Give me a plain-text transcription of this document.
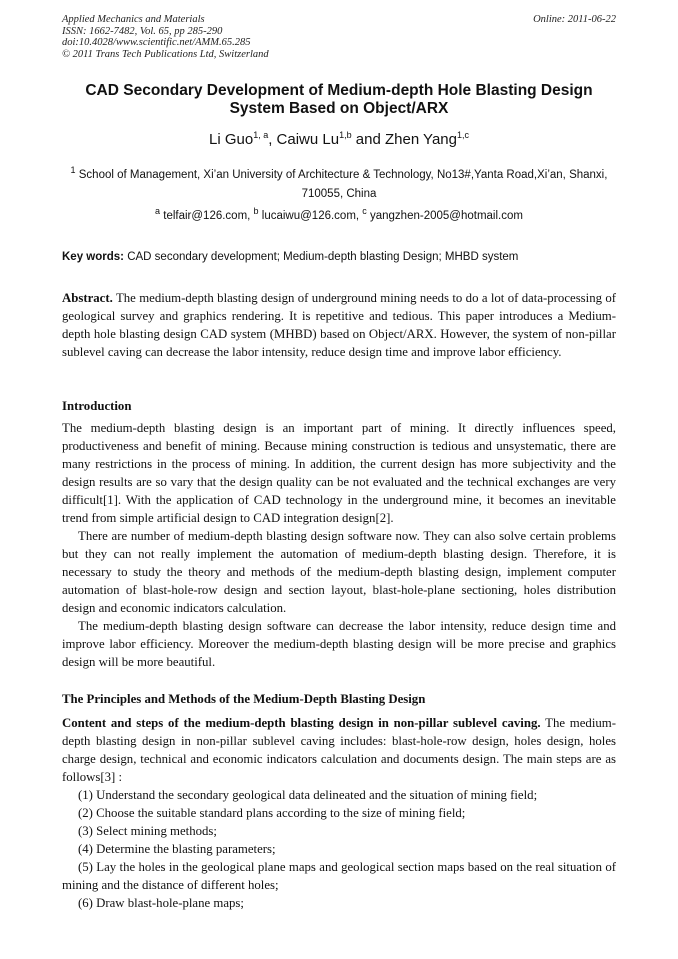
Applied Mechanics and Materials
ISSN: 1662-7482, Vol. 65, pp 285-290
doi:10.4028/www.scientific.net/AMM.65.285
© 2011 Trans Tech Publications Ltd, Switzerland
Online: 2011-06-22
CAD Secondary Development of Medium-depth Hole Blasting Design
System Based on Object/ARX
Li Guo$^{1, a}$, Caiwu Lu$^{1,b}$ and Zhen Yang$^{1,c}$
$^1$ School of Management, Xi’an University of Architecture & Technology, No13#,Yanta Road,Xi’an, Shanxi, 710055, China
$^a$ telfair@126.com, $^b$ lucaiwu@126.com, $^c$ yangzhen-2005@hotmail.com
Key words: CAD secondary development; Medium-depth blasting Design; MHBD system

Abstract. The medium-depth blasting design of underground mining needs to do a lot of data-processing of geological survey and graphics rendering. It is repetitive and tedious. This paper introduces a Medium-depth hole blasting design CAD system (MHBD) based on Object/ARX. However, the system of non-pillar sublevel caving can decrease the labor intensity, reduce design time and improve labor efficiency.

Introduction

The medium-depth blasting design is an important part of mining. It directly influences speed, productiveness and benefit of mining. Because mining construction is tedious and unsystematic, there are many restrictions in the process of mining. In addition, the current design has more subjectivity and the design results are so vary that the design quality can be not evaluated and the technical exchanges are very difficult[1]. With the application of CAD technology in the underground mine, it becomes an inevitable trend from simple artificial design to CAD integration design[2].

There are number of medium-depth blasting design software now. They can also solve certain problems but they can not really implement the automation of medium-depth blasting design. Therefore, it is necessary to study the theory and methods of the medium-depth blasting design, implement computer automation of blast-hole-row design and section layout, blast-hole-plane sectioning, holes distribution design and economic indicators calculation.

The medium-depth blasting design software can decrease the labor intensity, reduce design time and improve labor efficiency. Moreover the medium-depth blasting design will be more precise and graphics design will be more beautiful.

The Principles and Methods of the Medium-Depth Blasting Design

Content and steps of the medium-depth blasting design in non-pillar sublevel caving. The medium-depth blasting design in non-pillar sublevel caving includes: blast-hole-row design, holes design, holes charge design, technical and economic indicators calculation and documents design. The main steps are as follows[3] :

(1) Understand the secondary geological data delineated and the situation of mining field;

(2) Choose the suitable standard plans according to the size of mining field;

(3) Select mining methods;

(4) Determine the blasting parameters;

(5) Lay the holes in the geological plane maps and geological section maps based on the real situation of mining and the distance of different holes;

(6) Draw blast-hole-plane maps;
